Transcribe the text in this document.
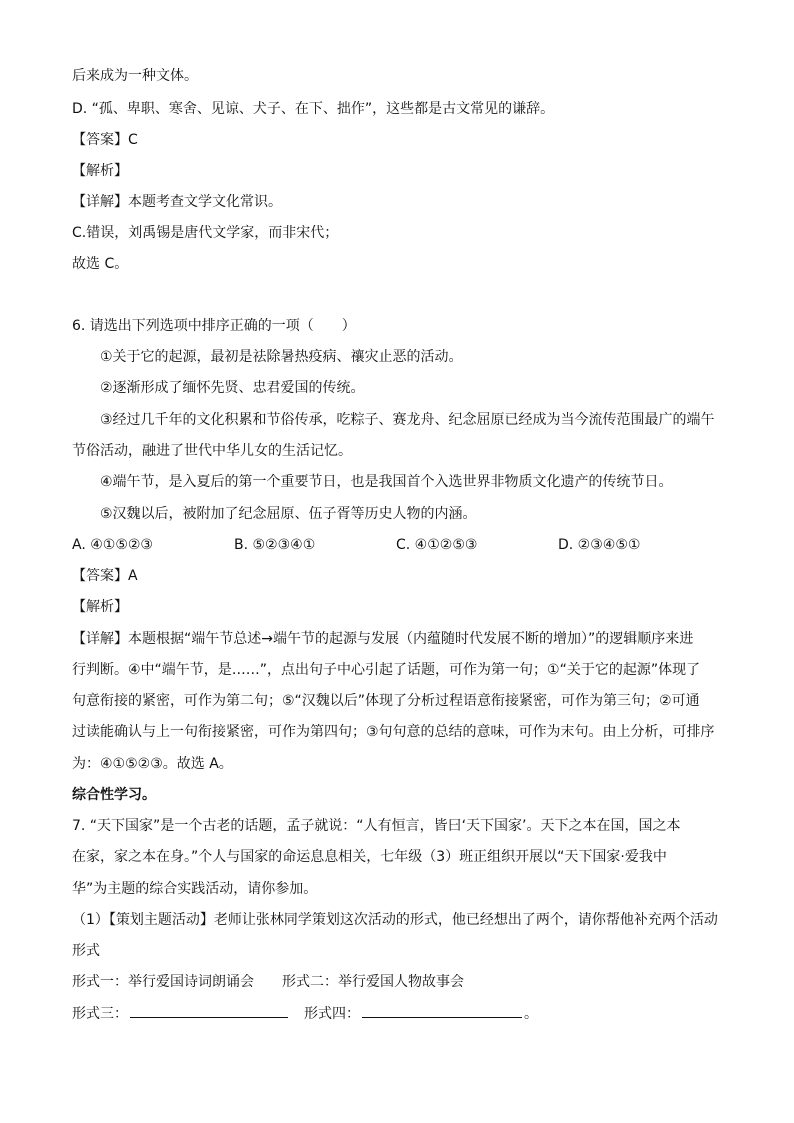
后来成为一种文体。
D. “孤、卑职、寒舍、见谅、犬子、在下、拙作”，这些都是古文常见的谦辞。
【答案】C
【解析】
【详解】本题考查文学文化常识。
C.错误，刘禹锡是唐代文学家，而非宋代；
故选 C。
6. 请选出下列选项中排序正确的一项（　　）
①关于它的起源，最初是祛除暑热疫病、禳灾止恶的活动。
②逐渐形成了缅怀先贤、忠君爱国的传统。
③经过几千年的文化积累和节俗传承，吃粽子、赛龙舟、纪念屈原已经成为当今流传范围最广的端午
节俗活动，融进了世代中华儿女的生活记忆。
④端午节，是入夏后的第一个重要节日，也是我国首个入选世界非物质文化遗产的传统节日。
⑤汉魏以后，被附加了纪念屈原、伍子胥等历史人物的内涵。
A. ④①⑤②③	B. ⑤②③④①	C. ④①②⑤③	D. ②③④⑤①
【答案】A
【解析】
【详解】本题根据“端午节总述→端午节的起源与发展（内蕴随时代发展不断的增加）”的逻辑顺序来进
行判断。④中“端午节，是……”，点出句子中心引起了话题，可作为第一句；①“关于它的起源”体现了
句意衔接的紧密，可作为第二句；⑤“汉魏以后”体现了分析过程语意衔接紧密，可作为第三句；②可通
过读能确认与上一句衔接紧密，可作为第四句；③句句意的总结的意味，可作为末句。由上分析，可排序
为：④①⑤②③。故选 A。
综合性学习。
7. “天下国家”是一个古老的话题，孟子就说：“人有恒言，皆曰‘天下国家’。天下之本在国，国之本
在家，家之本在身。”个人与国家的命运息息相关，七年级（3）班正组织开展以“天下国家·爱我中
华”为主题的综合实践活动，请你参加。
（1）【策划主题活动】老师让张林同学策划这次活动的形式，他已经想出了两个，请你帮他补充两个活动
形式
形式一：举行爱国诗词朗诵会 形式二：举行爱国人物故事会
形式三：	形式四：	。
